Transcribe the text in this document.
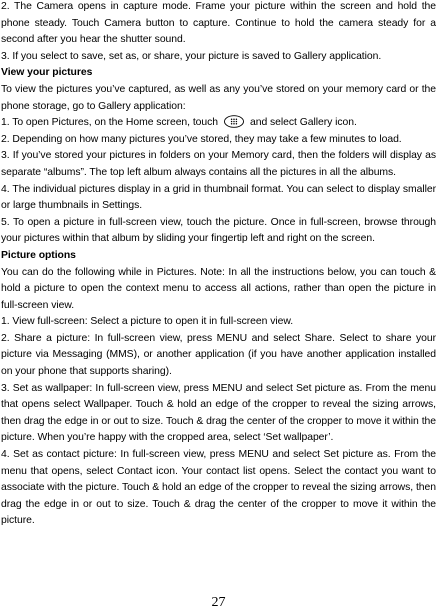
2. The Camera opens in capture mode. Frame your picture within the screen and hold the phone steady. Touch Camera button to capture. Continue to hold the camera steady for a second after you hear the shutter sound.

3. If you select to save, set as, or share, your picture is saved to Gallery application.

View your pictures

To view the pictures you’ve captured, as well as any you’ve stored on your memory card or the phone storage, go to Gallery application:

1. To open Pictures, on the Home screen, touch	and select Gallery icon.

2. Depending on how many pictures you’ve stored, they may take a few minutes to load.

3. If you’ve stored your pictures in folders on your Memory card, then the folders will display as separate “albums”. The top left album always contains all the pictures in all the albums.

4. The individual pictures display in a grid in thumbnail format. You can select to display smaller or large thumbnails in Settings.

5. To open a picture in full-screen view, touch the picture. Once in full-screen, browse through your pictures within that album by sliding your fingertip left and right on the screen.

Picture options

You can do the following while in Pictures. Note: In all the instructions below, you can touch & hold a picture to open the context menu to access all actions, rather than open the picture in full-screen view.

1. View full-screen: Select a picture to open it in full-screen view.

2. Share a picture: In full-screen view, press MENU and select Share. Select to share your picture via Messaging (MMS), or another application (if you have another application installed on your phone that supports sharing).

3. Set as wallpaper: In full-screen view, press MENU and select Set picture as. From the menu that opens select Wallpaper. Touch & hold an edge of the cropper to reveal the sizing arrows, then drag the edge in or out to size. Touch & drag the center of the cropper to move it within the picture. When you’re happy with the cropped area, select ‘Set wallpaper’.

4. Set as contact picture: In full-screen view, press MENU and select Set picture as. From the menu that opens, select Contact icon. Your contact list opens. Select the contact you want to associate with the picture. Touch & hold an edge of the cropper to reveal the sizing arrows, then drag the edge in or out to size. Touch & drag the center of the cropper to move it within the picture.

27
